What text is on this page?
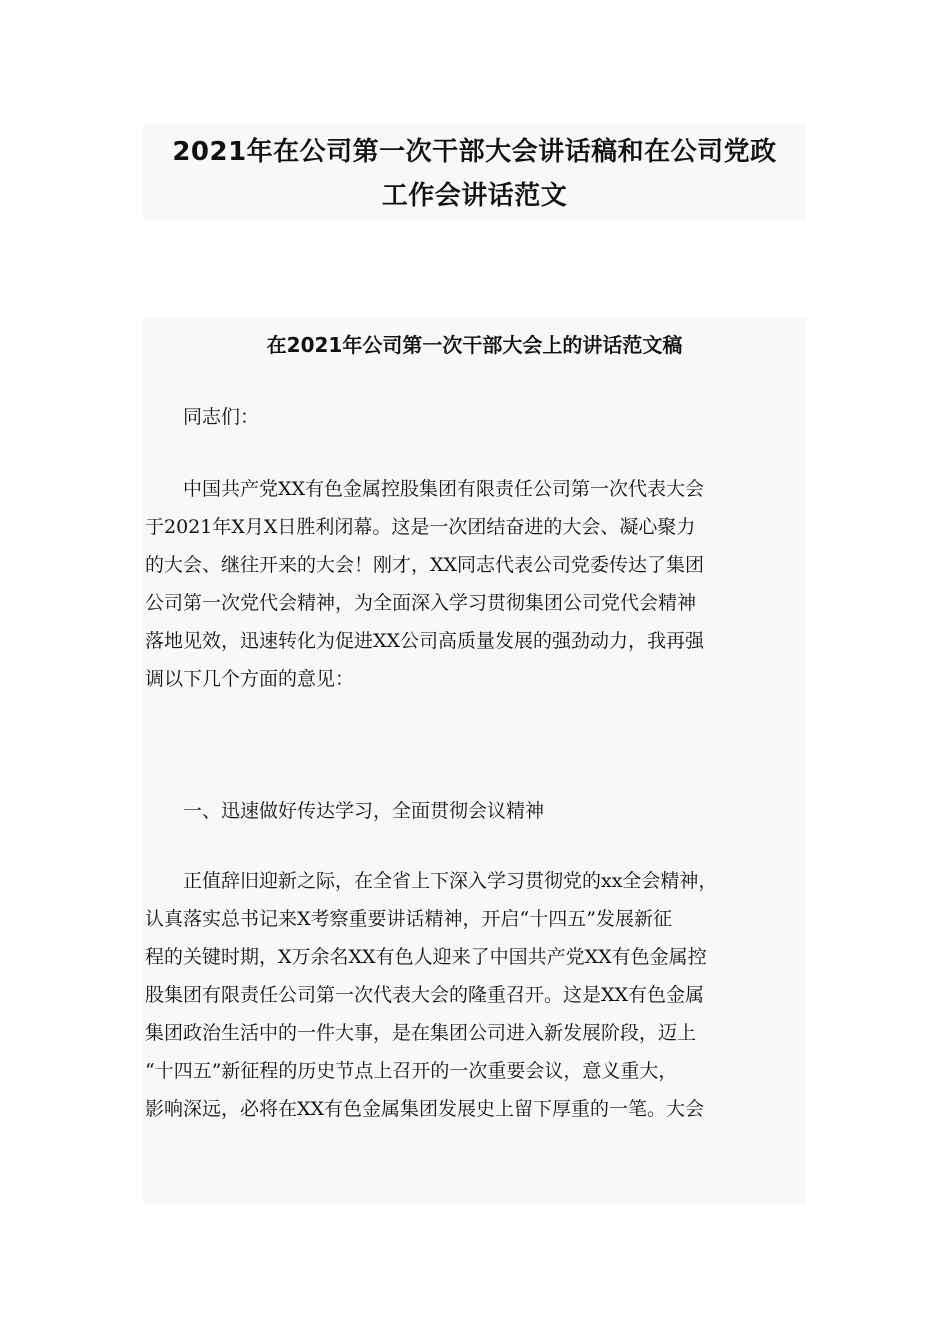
2021年在公司第一次干部大会讲话稿和在公司党政
工作会讲话范文
在2021年公司第一次干部大会上的讲话范文稿

　　同志们：

　　中国共产党XX有色金属控股集团有限责任公司第一次代表大会
于2021年X月X日胜利闭幕。这是一次团结奋进的大会、凝心聚力
的大会、继往开来的大会！刚才，XX同志代表公司党委传达了集团
公司第一次党代会精神，为全面深入学习贯彻集团公司党代会精神
落地见效，迅速转化为促进XX公司高质量发展的强劲动力，我再强
调以下几个方面的意见：

　　一、迅速做好传达学习，全面贯彻会议精神

　　正值辞旧迎新之际，在全省上下深入学习贯彻党的xx全会精神，
认真落实总书记来X考察重要讲话精神，开启“十四五”发展新征
程的关键时期，X万余名XX有色人迎来了中国共产党XX有色金属控
股集团有限责任公司第一次代表大会的隆重召开。这是XX有色金属
集团政治生活中的一件大事，是在集团公司进入新发展阶段，迈上
“十四五”新征程的历史节点上召开的一次重要会议，意义重大，
影响深远，必将在XX有色金属集团发展史上留下厚重的一笔。大会
